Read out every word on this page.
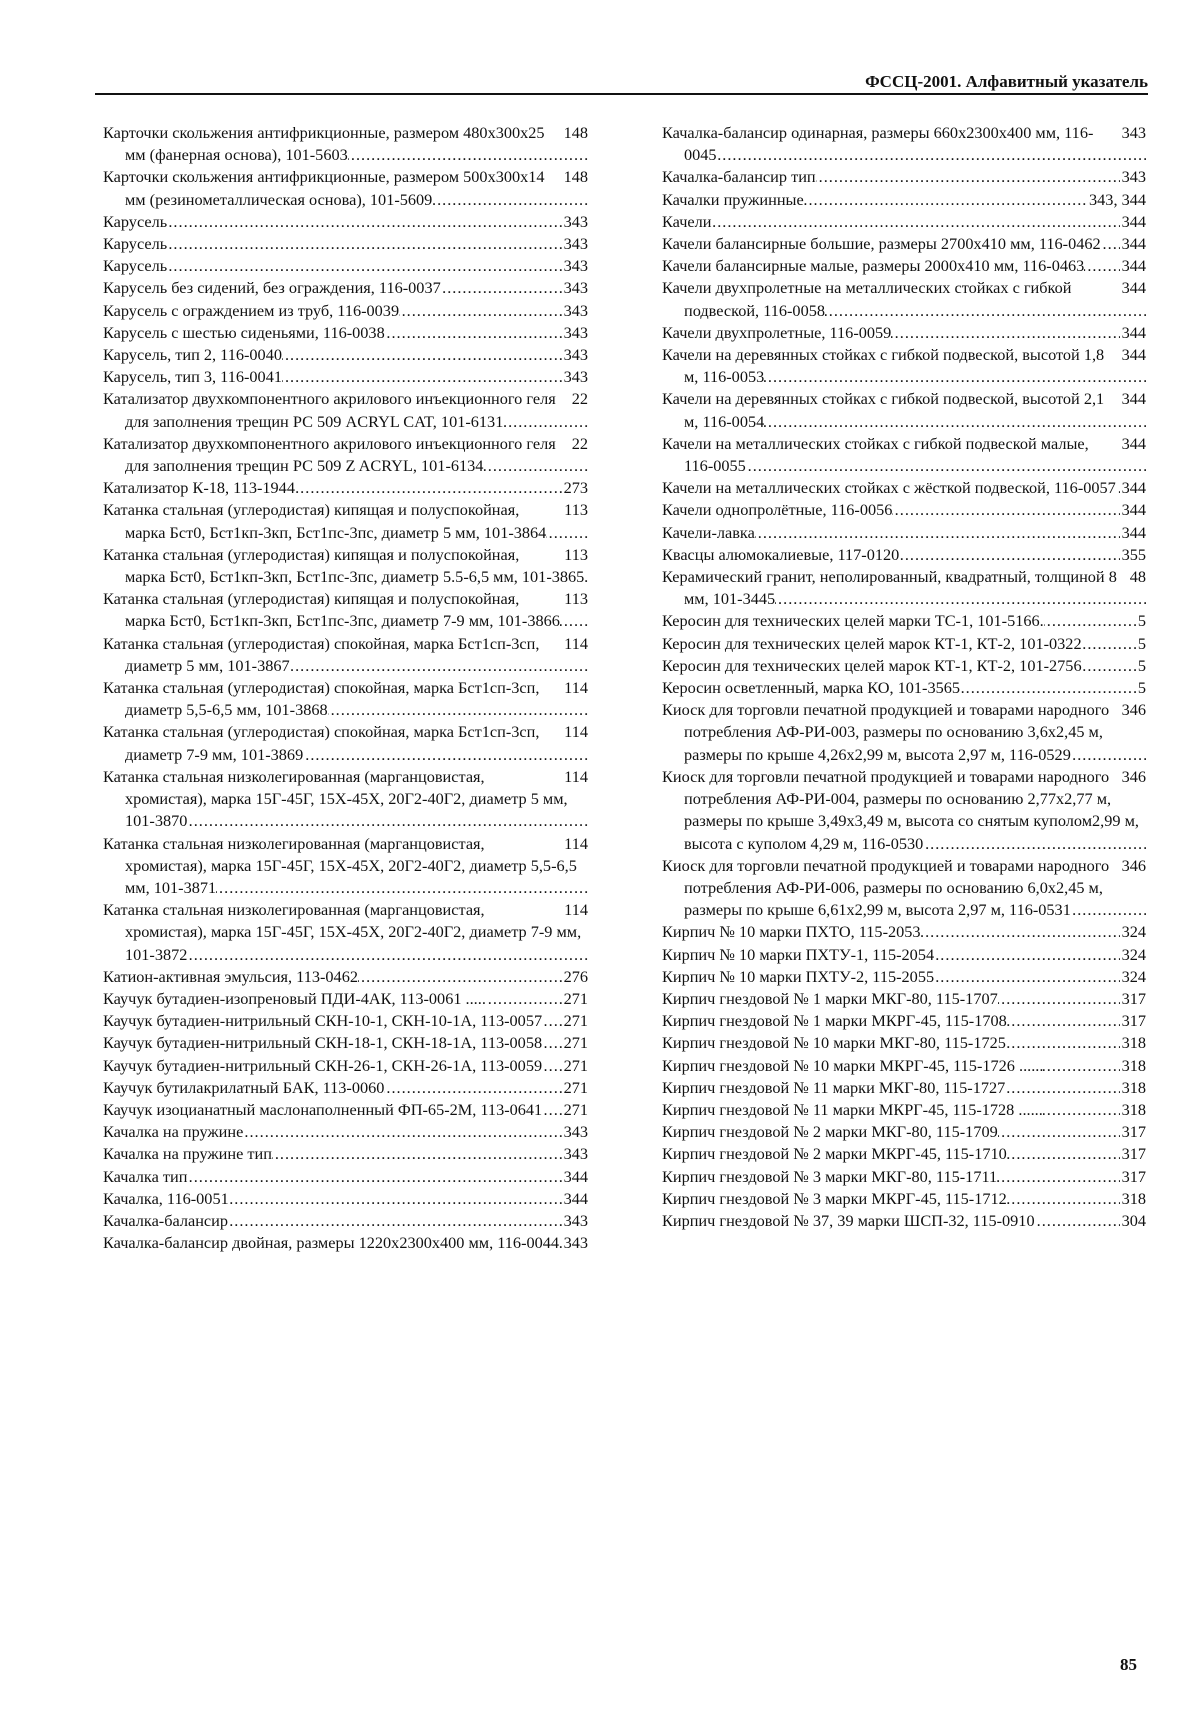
ФССЦ-2001. Алфавитный указатель
148
Карточки скольжения антифрикционные, размером 480x300x25 мм (фанерная основа), 101-5603 .....
148
Карточки скольжения антифрикционные, размером 500x300x14 мм (резинометаллическая основа), 101-5609 .....
343
Карусель .....
343
Карусель .....
343
Карусель .....
343
Карусель без сидений, без ограждения, 116-0037 .....
343
Карусель с ограждением из труб, 116-0039 .....
343
Карусель с шестью сиденьями, 116-0038 .....
343
Карусель, тип 2, 116-0040 .....
343
Карусель, тип 3, 116-0041 .....
22
Катализатор двухкомпонентного акрилового инъекционного геля для заполнения трещин РС 509 ACRYL CAT, 101-6131 .....
22
Катализатор двухкомпонентного акрилового инъекционного геля для заполнения трещин РС 509 Z ACRYL, 101-6134 .....
273
Катализатор К-18, 113-1944 .....
113
Катанка стальная (углеродистая) кипящая и полуспокойная, марка Бст0, Бст1кп-3кп, Бст1пс-3пс, диаметр 5 мм, 101-3864 .....
113
Катанка стальная (углеродистая) кипящая и полуспокойная, марка Бст0, Бст1кп-3кп, Бст1пс-3пс, диаметр 5.5-6,5 мм, 101-3865 .....
113
Катанка стальная (углеродистая) кипящая и полуспокойная, марка Бст0, Бст1кп-3кп, Бст1пс-3пс, диаметр 7-9 мм, 101-3866 .....
114
Катанка стальная (углеродистая) спокойная, марка Бст1сп-3сп, диаметр 5 мм, 101-3867 .....
114
Катанка стальная (углеродистая) спокойная, марка Бст1сп-3сп, диаметр 5,5-6,5 мм, 101-3868 .....
114
Катанка стальная (углеродистая) спокойная, марка Бст1сп-3сп, диаметр 7-9 мм, 101-3869 .....
114
Катанка стальная низколегированная (марганцовистая, хромистая), марка 15Г-45Г, 15Х-45Х, 20Г2-40Г2, диаметр 5 мм, 101-3870 .....
114
Катанка стальная низколегированная (марганцовистая, хромистая), марка 15Г-45Г, 15Х-45Х, 20Г2-40Г2, диаметр 5,5-6,5 мм, 101-3871 .....
114
Катанка стальная низколегированная (марганцовистая, хромистая), марка 15Г-45Г, 15Х-45Х, 20Г2-40Г2, диаметр 7-9 мм, 101-3872 .....
276
Катион-активная эмульсия, 113-0462 .....
271
Каучук бутадиен-изопреновый ПДИ-4АК, 113-0061 ..... .....
271
Каучук бутадиен-нитрильный СКН-10-1, СКН-10-1А, 113-0057 .....
271
Каучук бутадиен-нитрильный СКН-18-1, СКН-18-1А, 113-0058 .....
271
Каучук бутадиен-нитрильный СКН-26-1, СКН-26-1А, 113-0059 .....
271
Каучук бутилакрилатный БАК, 113-0060 .....
271
Каучук изоцианатный маслонаполненный ФП-65-2М, 113-0641 .....
343
Качалка на пружине .....
343
Качалка на пружине тип .....
344
Качалка тип .....
344
Качалка, 116-0051 .....
343
Качалка-балансир .....
343
Качалка-балансир двойная, размеры 1220x2300x400 мм, 116-0044 .....
343
Качалка-балансир одинарная, размеры 660x2300x400 мм, 116-0045 .....
343
Качалка-балансир тип .....
343, 344
Качалки пружинные .....
344
Качели .....
344
Качели балансирные большие, размеры 2700x410 мм, 116-0462 .....
344
Качели балансирные малые, размеры 2000x410 мм, 116-0463 .....
344
Качели двухпролетные на металлических стойках с гибкой подвеской, 116-0058 .....
344
Качели двухпролетные, 116-0059 .....
344
Качели на деревянных стойках с гибкой подвеской, высотой 1,8 м, 116-0053 .....
344
Качели на деревянных стойках с гибкой подвеской, высотой 2,1 м, 116-0054 .....
344
Качели на металлических стойках с гибкой подвеской малые, 116-0055 .....
344
Качели на металлических стойках с жёсткой подвеской, 116-0057 .....
344
Качели однопролётные, 116-0056 .....
344
Качели-лавка .....
355
Квасцы алюмокалиевые, 117-0120 .....
48
Керамический гранит, неполированный, квадратный, толщиной 8 мм, 101-3445 .....
5
Керосин для технических целей марки ТС-1, 101-5166. .....
5
Керосин для технических целей марок КТ-1, КТ-2, 101-0322 .....
5
Керосин для технических целей марок КТ-1, КТ-2, 101-2756 .....
5
Керосин осветленный, марка КО, 101-3565 .....
346
Киоск для торговли печатной продукцией и товарами народного потребления АФ-РИ-003, размеры по основанию 3,6x2,45 м, размеры по крыше 4,26x2,99 м, высота 2,97 м, 116-0529 .....
346
Киоск для торговли печатной продукцией и товарами народного потребления АФ-РИ-004, размеры по основанию 2,77x2,77 м, размеры по крыше 3,49x3,49 м, высота со снятым куполом2,99 м, высота с куполом 4,29 м, 116-0530 .....
346
Киоск для торговли печатной продукцией и товарами народного потребления АФ-РИ-006, размеры по основанию 6,0x2,45 м, размеры по крыше 6,61x2,99 м, высота 2,97 м, 116-0531 .....
324
Кирпич № 10 марки ПХТО, 115-2053 .....
324
Кирпич № 10 марки ПХТУ-1, 115-2054 .....
324
Кирпич № 10 марки ПХТУ-2, 115-2055 .....
317
Кирпич гнездовой № 1 марки МКГ-80, 115-1707 .....
317
Кирпич гнездовой № 1 марки МКРГ-45, 115-1708 .....
318
Кирпич гнездовой № 10 марки МКГ-80, 115-1725 .....
318
Кирпич гнездовой № 10 марки МКРГ-45, 115-1726 ...... .....
318
Кирпич гнездовой № 11 марки МКГ-80, 115-1727 .....
318
Кирпич гнездовой № 11 марки МКРГ-45, 115-1728 ...... .....
317
Кирпич гнездовой № 2 марки МКГ-80, 115-1709 .....
317
Кирпич гнездовой № 2 марки МКРГ-45, 115-1710 .....
317
Кирпич гнездовой № 3 марки МКГ-80, 115-1711 .....
318
Кирпич гнездовой № 3 марки МКРГ-45, 115-1712 .....
304
Кирпич гнездовой № 37, 39 марки ШСП-32, 115-0910 .....
85
